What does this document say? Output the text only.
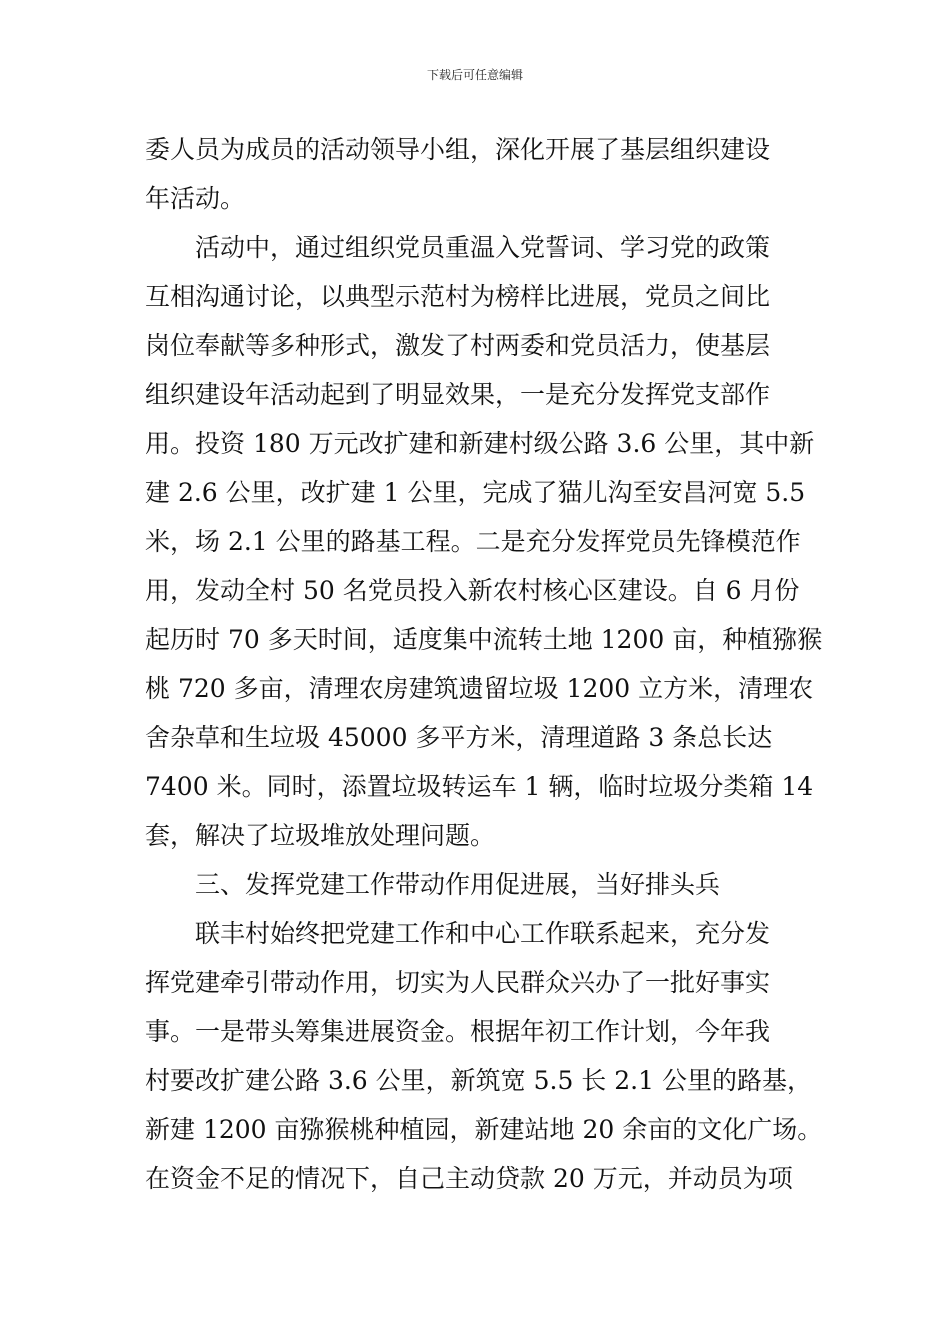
下载后可任意编辑
委人员为成员的活动领导小组，深化开展了基层组织建设
年活动。
活动中，通过组织党员重温入党誓词、学习党的政策
互相沟通讨论，以典型示范村为榜样比进展，党员之间比
岗位奉献等多种形式，激发了村两委和党员活力，使基层
组织建设年活动起到了明显效果，一是充分发挥党支部作
用。投资 180 万元改扩建和新建村级公路 3.6 公里，其中新
建 2.6 公里，改扩建 1 公里，完成了猫儿沟至安昌河宽 5.5
米，场 2.1 公里的路基工程。二是充分发挥党员先锋模范作
用，发动全村 50 名党员投入新农村核心区建设。自 6 月份
起历时 70 多天时间，适度集中流转土地 1200 亩，种植猕猴
桃 720 多亩，清理农房建筑遗留垃圾 1200 立方米，清理农
舍杂草和生垃圾 45000 多平方米，清理道路 3 条总长达
7400 米。同时，添置垃圾转运车 1 辆，临时垃圾分类箱 14
套，解决了垃圾堆放处理问题。
三、发挥党建工作带动作用促进展，当好排头兵
联丰村始终把党建工作和中心工作联系起来，充分发
挥党建牵引带动作用，切实为人民群众兴办了一批好事实
事。一是带头筹集进展资金。根据年初工作计划，今年我
村要改扩建公路 3.6 公里，新筑宽 5.5 长 2.1 公里的路基，
新建 1200 亩猕猴桃种植园，新建站地 20 余亩的文化广场。
在资金不足的情况下，自己主动贷款 20 万元，并动员为项
